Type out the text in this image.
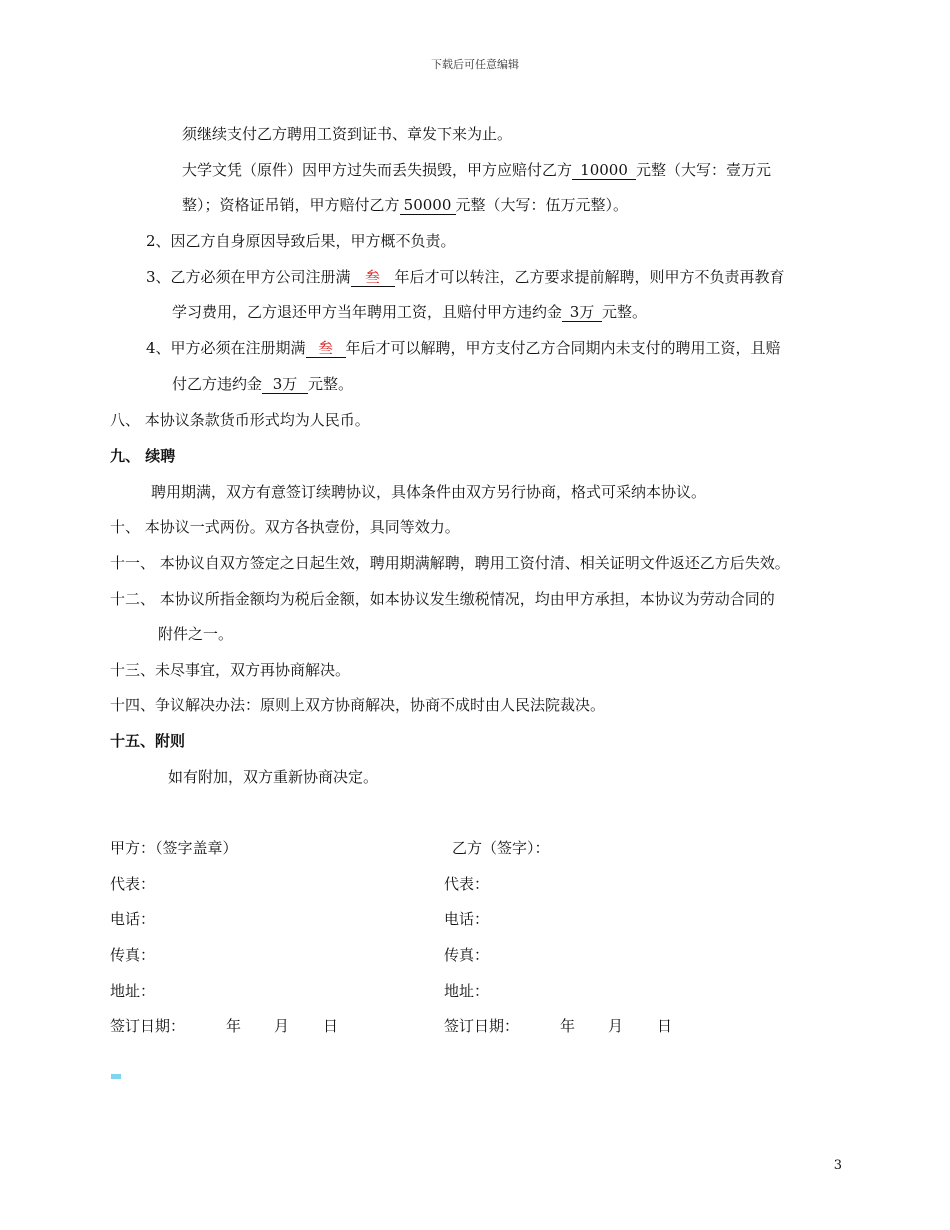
下载后可任意编辑
须继续支付乙方聘用工资到证书、章发下来为止。
大学文凭（原件）因甲方过失而丢失损毁，甲方应赔付乙方 10000 元整（大写：壹万元
整）；资格证吊销，甲方赔付乙方 50000 元整（大写：伍万元整）。
2、因乙方自身原因导致后果，甲方概不负责。
3、乙方必须在甲方公司注册满 叁 年后才可以转注，乙方要求提前解聘，则甲方不负责再教育
学习费用，乙方退还甲方当年聘用工资，且赔付甲方违约金 3万 元整。
4、甲方必须在注册期满 叁 年后才可以解聘，甲方支付乙方合同期内未支付的聘用工资，且赔
付乙方违约金 3万 元整。
八、 本协议条款货币形式均为人民币。
九、 续聘
聘用期满，双方有意签订续聘协议，具体条件由双方另行协商，格式可采纳本协议。
十、 本协议一式两份。双方各执壹份，具同等效力。
十一、 本协议自双方签定之日起生效，聘用期满解聘，聘用工资付清、相关证明文件返还乙方后失效。
十二、 本协议所指金额均为税后金额，如本协议发生缴税情况，均由甲方承担，本协议为劳动合同的
附件之一。
十三、未尽事宜，双方再协商解决。
十四、争议解决办法：原则上双方协商解决，协商不成时由人民法院裁决。
十五、附则
如有附加，双方重新协商决定。
甲方：（签字盖章）	乙方（签字）：
代表：	代表：
电话：	电话：
传真：	传真：
地址：	地址：
签订日期：	年 月 日	签订日期：	年 月 日
3
